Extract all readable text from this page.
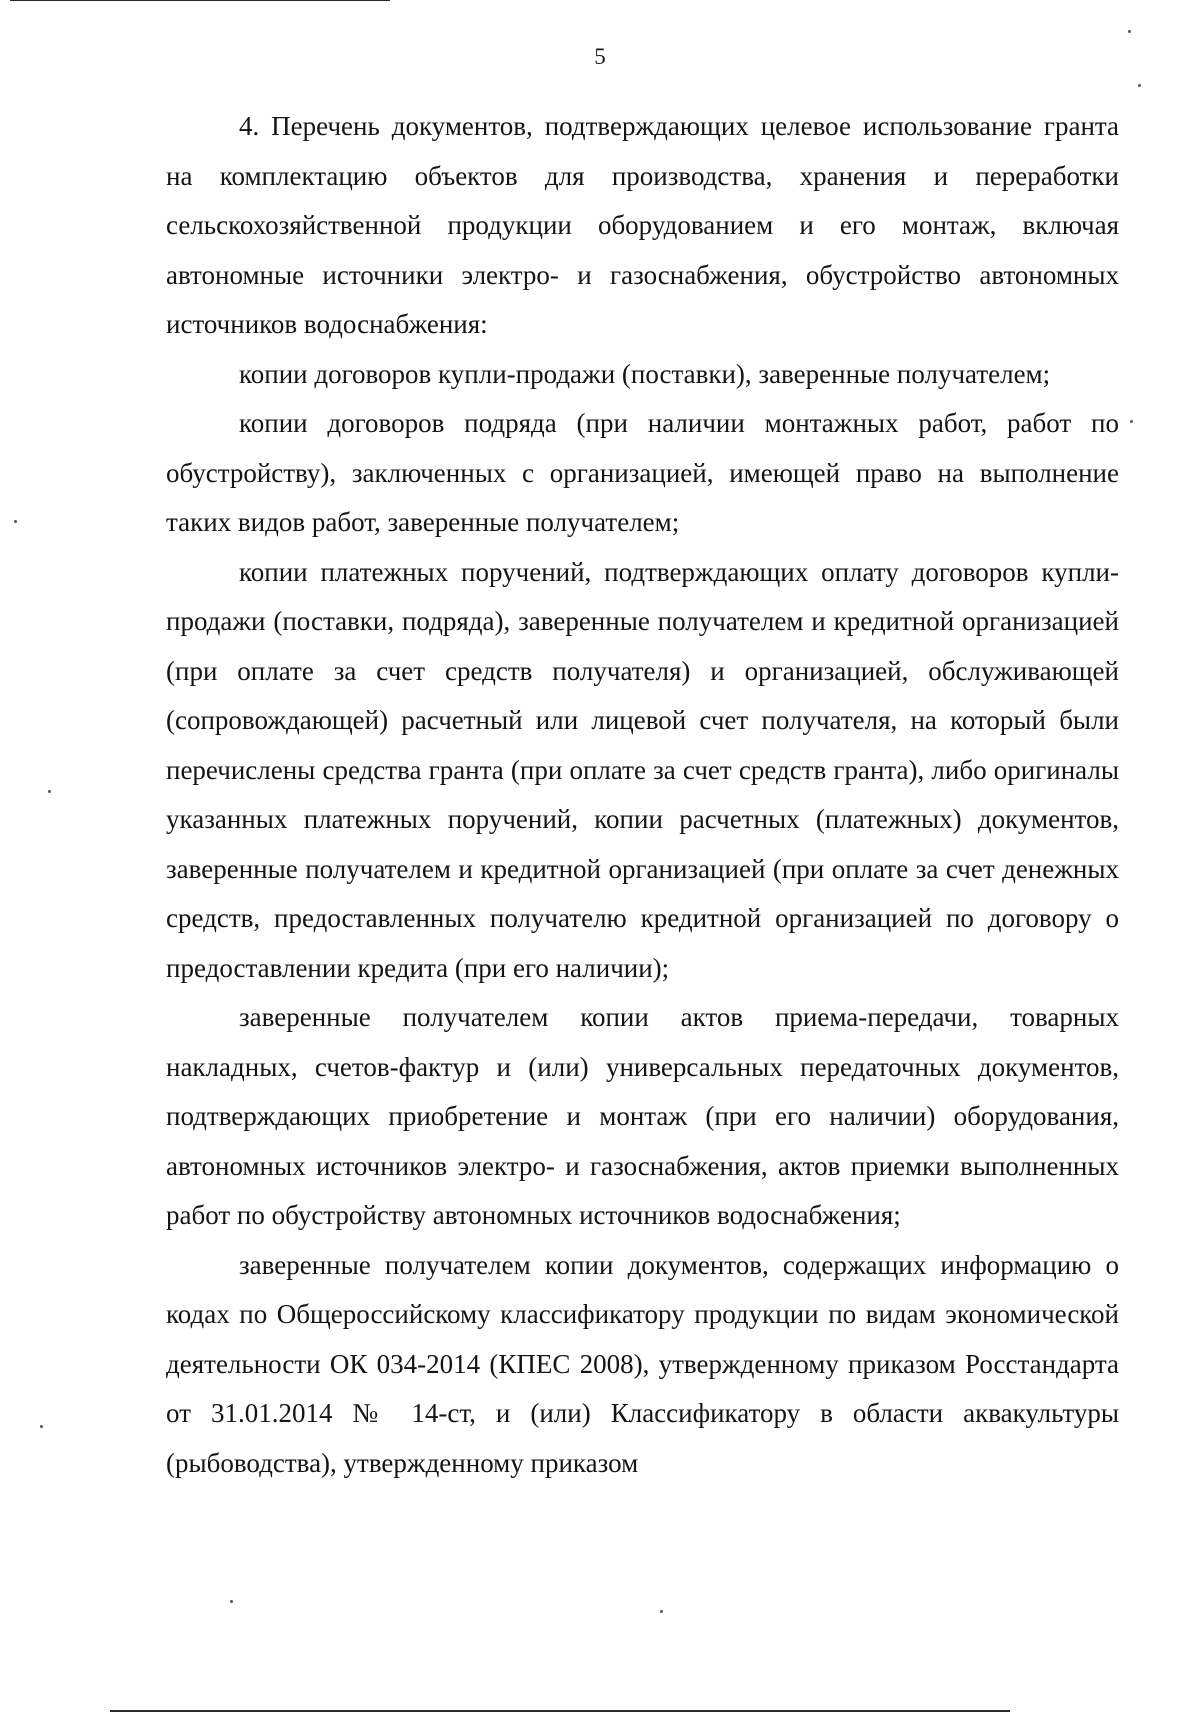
5

4. Перечень документов, подтверждающих целевое использование гранта на комплектацию объектов для производства, хранения и переработки сельскохозяйственной продукции оборудованием и его монтаж, включая автономные источники электро- и газоснабжения, обустройство автономных источников водоснабжения:

копии договоров купли-продажи (поставки), заверенные получателем;

копии договоров подряда (при наличии монтажных работ, работ по обустройству), заключенных с организацией, имеющей право на выполнение таких видов работ, заверенные получателем;

копии платежных поручений, подтверждающих оплату договоров купли-продажи (поставки, подряда), заверенные получателем и кредитной организацией (при оплате за счет средств получателя) и организацией, обслуживающей (сопровождающей) расчетный или лицевой счет получателя, на который были перечислены средства гранта (при оплате за счет средств гранта), либо оригиналы указанных платежных поручений, копии расчетных (платежных) документов, заверенные получателем и кредитной организацией (при оплате за счет денежных средств, предоставленных получателю кредитной организацией по договору о предоставлении кредита (при его наличии);

заверенные получателем копии актов приема-передачи, товарных накладных, счетов-фактур и (или) универсальных передаточных документов, подтверждающих приобретение и монтаж (при его наличии) оборудования, автономных источников электро- и газоснабжения, актов приемки выполненных работ по обустройству автономных источников водоснабжения;

заверенные получателем копии документов, содержащих информацию о кодах по Общероссийскому классификатору продукции по видам экономической деятельности ОК 034-2014 (КПЕС 2008), утвержденному приказом Росстандарта от 31.01.2014 № 14-ст, и (или) Классификатору в области аквакультуры (рыбоводства), утвержденному приказом
